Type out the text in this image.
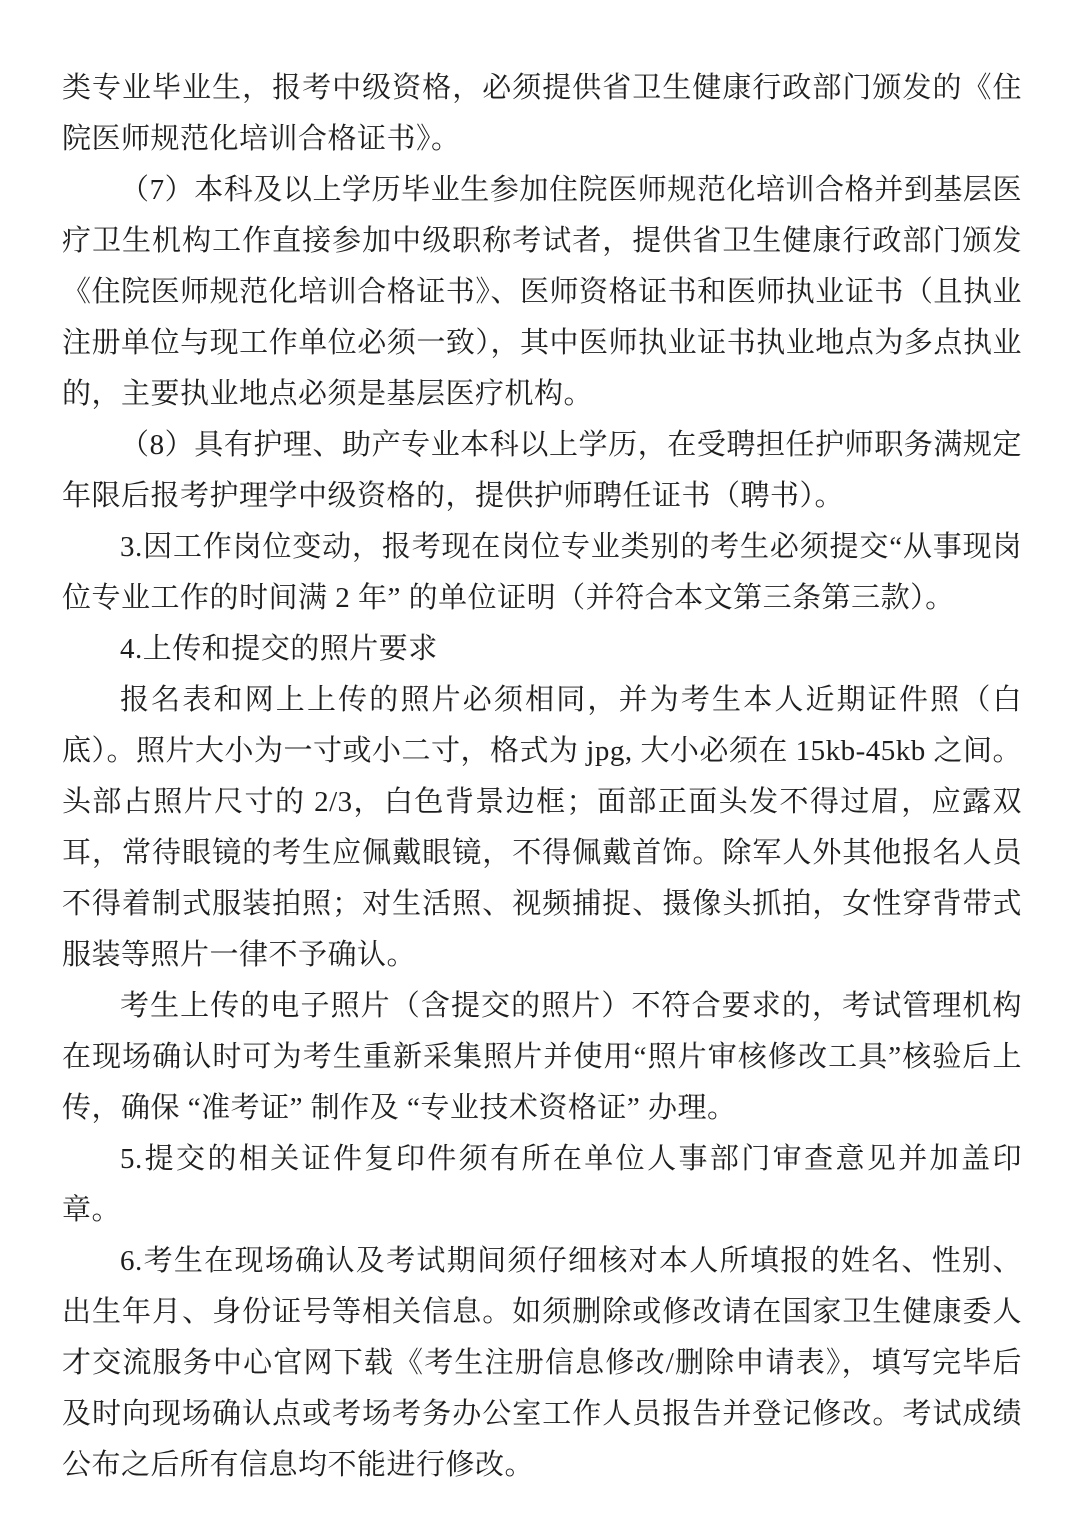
类专业毕业生，报考中级资格，必须提供省卫生健康行政部门颁发的《住院医师规范化培训合格证书》。

（7）本科及以上学历毕业生参加住院医师规范化培训合格并到基层医疗卫生机构工作直接参加中级职称考试者，提供省卫生健康行政部门颁发《住院医师规范化培训合格证书》、医师资格证书和医师执业证书（且执业注册单位与现工作单位必须一致），其中医师执业证书执业地点为多点执业的，主要执业地点必须是基层医疗机构。

（8）具有护理、助产专业本科以上学历，在受聘担任护师职务满规定年限后报考护理学中级资格的，提供护师聘任证书（聘书）。

3.因工作岗位变动，报考现在岗位专业类别的考生必须提交“从事现岗位专业工作的时间满 2 年” 的单位证明（并符合本文第三条第三款）。

4.上传和提交的照片要求

报名表和网上上传的照片必须相同，并为考生本人近期证件照（白底）。照片大小为一寸或小二寸，格式为 jpg, 大小必须在 15kb-45kb 之间。头部占照片尺寸的 2/3，白色背景边框；面部正面头发不得过眉，应露双耳，常待眼镜的考生应佩戴眼镜，不得佩戴首饰。除军人外其他报名人员不得着制式服装拍照；对生活照、视频捕捉、摄像头抓拍，女性穿背带式服装等照片一律不予确认。

考生上传的电子照片（含提交的照片）不符合要求的，考试管理机构在现场确认时可为考生重新采集照片并使用“照片审核修改工具”核验后上传，确保 “准考证” 制作及 “专业技术资格证” 办理。

5.提交的相关证件复印件须有所在单位人事部门审查意见并加盖印章。

6.考生在现场确认及考试期间须仔细核对本人所填报的姓名、性别、出生年月、身份证号等相关信息。如须删除或修改请在国家卫生健康委人才交流服务中心官网下载《考生注册信息修改/删除申请表》，填写完毕后及时向现场确认点或考场考务办公室工作人员报告并登记修改。考试成绩公布之后所有信息均不能进行修改。
